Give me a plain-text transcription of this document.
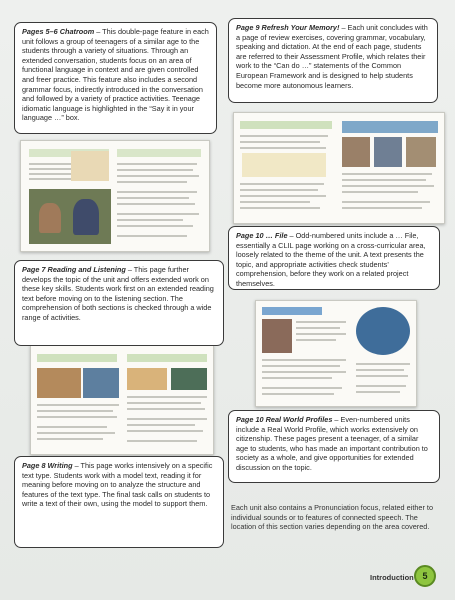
Pages 5–6 Chatroom – This double-page feature in each unit follows a group of teenagers of a similar age to the students through a variety of situations. Through an extended conversation, students focus on an area of functional language in context and are given controlled and freer practice. This feature also includes a second grammar focus, indirectly introduced in the conversation and followed by a variety of practice activities. Teenage idiomatic language is highlighted in the “Say it in your language …” box.
Page 9 Refresh Your Memory! – Each unit concludes with a page of review exercises, covering grammar, vocabulary, speaking and dictation. At the end of each page, students are referred to their Assessment Profile, which relates their work to the “Can do …” statements of the Common European Framework and is designed to help students become more autonomous learners.
Page 10 … File – Odd-numbered units include a … File, essentially a CLIL page working on a cross-curricular area, loosely related to the theme of the unit. A text presents the topic, and appropriate activities check students’ comprehension, before they work on a related project themselves.
Page 7 Reading and Listening – This page further develops the topic of the unit and offers extended work on these key skills. Students work first on an extended reading text before moving on to the listening section. The comprehension of both sections is checked through a wide range of activities.
Page 10 Real World Profiles – Even-numbered units include a Real World Profile, which works extensively on citizenship. These pages present a teenager, of a similar age to students, who has made an important contribution to society as a whole, and give opportunities for extended discussion on the topic.
Page 8 Writing – This page works intensively on a specific text type. Students work with a model text, reading it for meaning before moving on to analyze the structure and features of the text type. The final task calls on students to write a text of their own, using the model to support them.	Each unit also contains a Pronunciation focus, related either to individual sounds or to features of connected speech. The location of this section varies depending on the area covered.
Introduction 5
